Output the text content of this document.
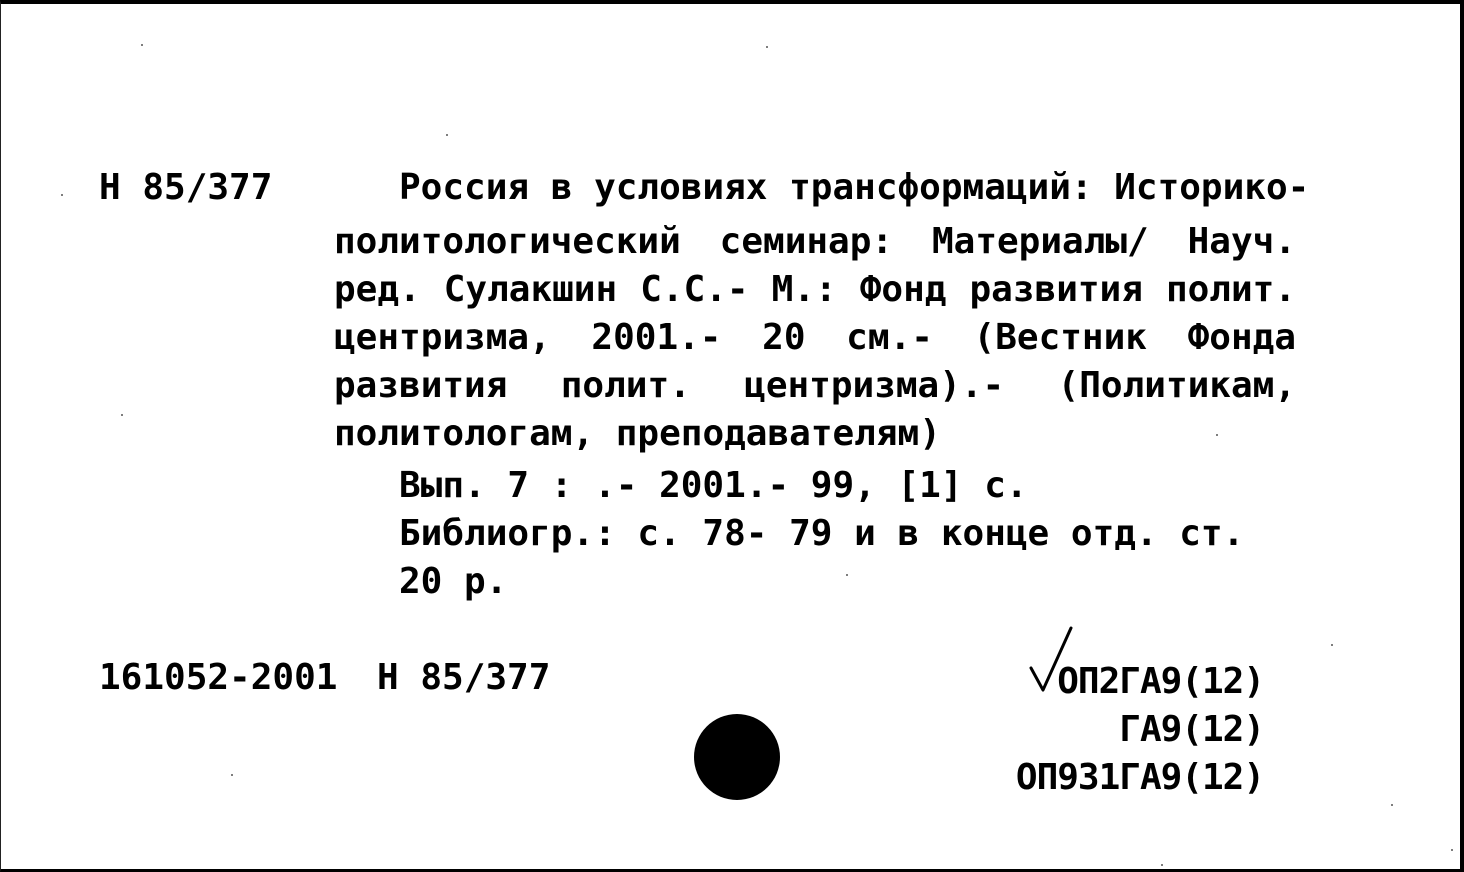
Н 85/377	Россия в условиях трансформаций: Историко-
политологический семинар: Материалы/ Науч.
ред. Сулакшин С.С.- М.: Фонд развития полит.
центризма, 2001.- 20 см.- (Вестник Фонда
развития полит. центризма).- (Политикам,
политологам, преподавателям)
Вып. 7 : .- 2001.- 99, [1] с.
Библиогр.: с. 78- 79 и в конце отд. ст.
20 р.
161052-2001 Н 85/377	ОП2ГА9(12)
ГА9(12)
ОП931ГА9(12)
